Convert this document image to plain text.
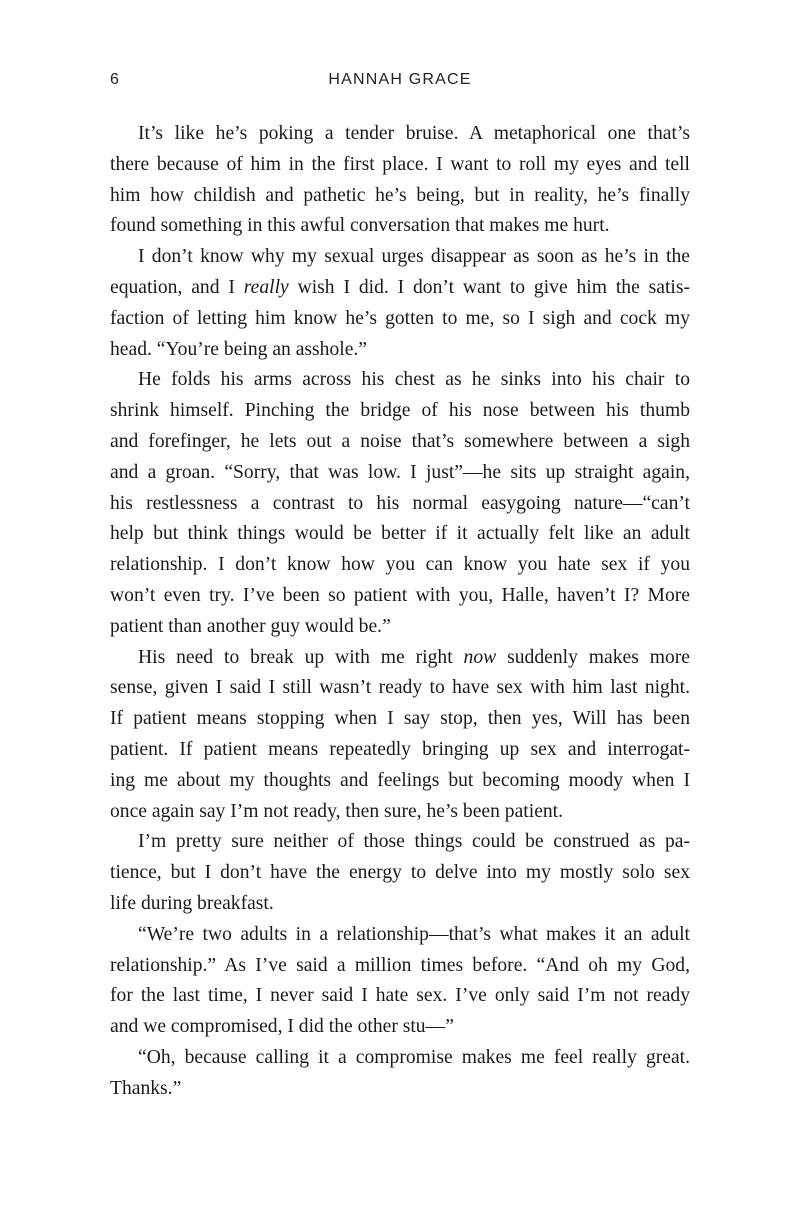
6	HANNAH GRACE
It’s like he’s poking a tender bruise. A metaphorical one that’s
there because of him in the first place. I want to roll my eyes and tell
him how childish and pathetic he’s being, but in reality, he’s finally
found something in this awful conversation that makes me hurt.
I don’t know why my sexual urges disappear as soon as he’s in the
equation, and I really wish I did. I don’t want to give him the satis-
faction of letting him know he’s gotten to me, so I sigh and cock my
head. “You’re being an asshole.”
He folds his arms across his chest as he sinks into his chair to
shrink himself. Pinching the bridge of his nose between his thumb
and forefinger, he lets out a noise that’s somewhere between a sigh
and a groan. “Sorry, that was low. I just”—he sits up straight again,
his restlessness a contrast to his normal easygoing nature—“can’t
help but think things would be better if it actually felt like an adult
relationship. I don’t know how you can know you hate sex if you
won’t even try. I’ve been so patient with you, Halle, haven’t I? More
patient than another guy would be.”
His need to break up with me right now suddenly makes more
sense, given I said I still wasn’t ready to have sex with him last night.
If patient means stopping when I say stop, then yes, Will has been
patient. If patient means repeatedly bringing up sex and interrogat-
ing me about my thoughts and feelings but becoming moody when I
once again say I’m not ready, then sure, he’s been patient.
I’m pretty sure neither of those things could be construed as pa-
tience, but I don’t have the energy to delve into my mostly solo sex
life during breakfast.
“We’re two adults in a relationship—that’s what makes it an adult
relationship.” As I’ve said a million times before. “And oh my God,
for the last time, I never said I hate sex. I’ve only said I’m not ready
and we compromised, I did the other stu—”
“Oh, because calling it a compromise makes me feel really great.
Thanks.”
